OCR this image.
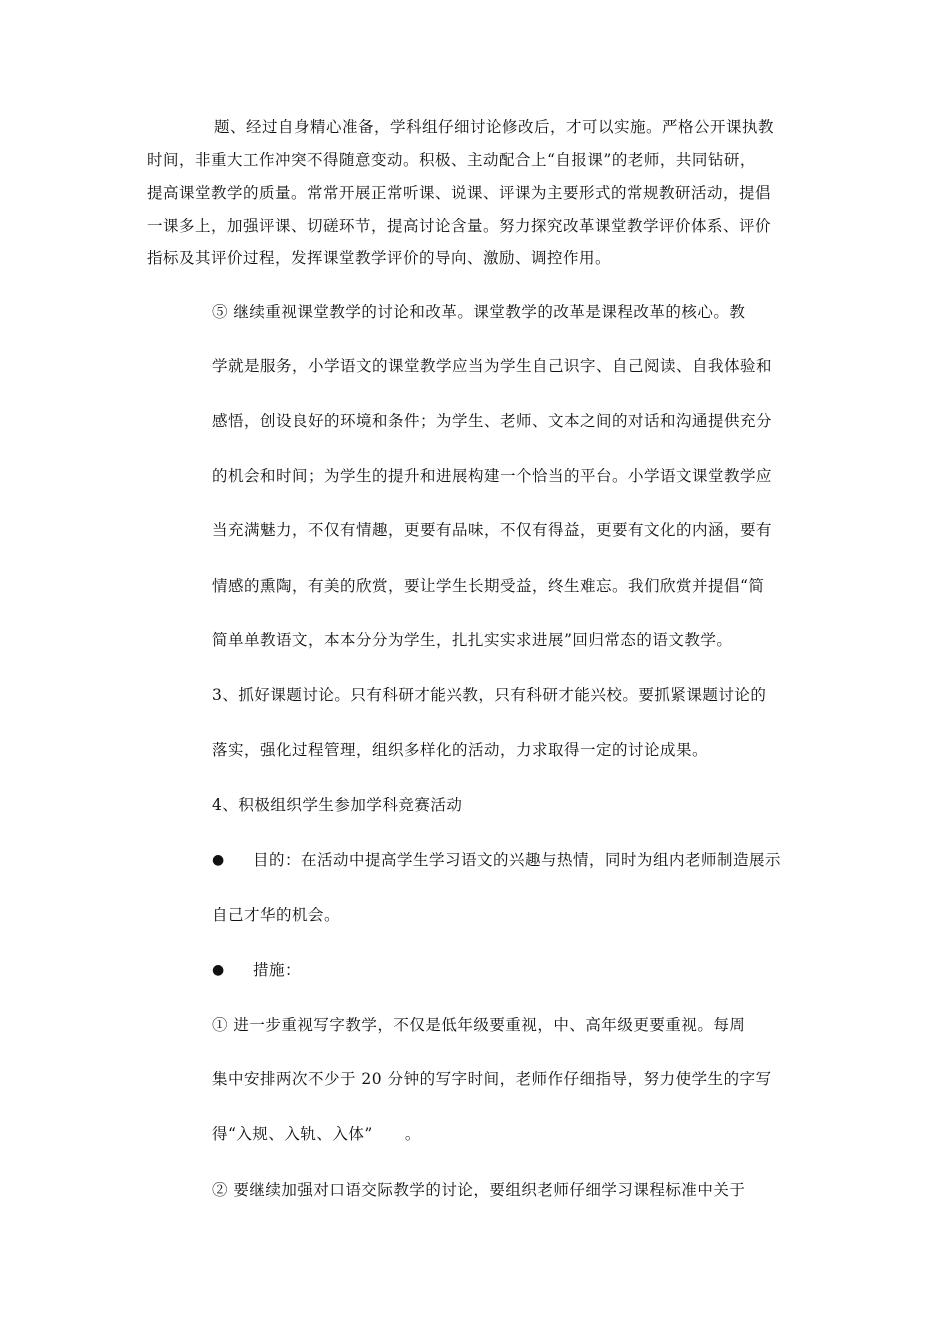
题、经过自身精心准备，学科组仔细讨论修改后，才可以实施。严格公开课执教
时间，非重大工作冲突不得随意变动。积极、主动配合上“自报课”的老师，共同钻研，
提高课堂教学的质量。常常开展正常听课、说课、评课为主要形式的常规教研活动，提倡
一课多上，加强评课、切磋环节，提高讨论含量。努力探究改革课堂教学评价体系、评价
指标及其评价过程，发挥课堂教学评价的导向、激励、调控作用。
⑤ 继续重视课堂教学的讨论和改革。课堂教学的改革是课程改革的核心。教
学就是服务，小学语文的课堂教学应当为学生自己识字、自己阅读、自我体验和
感悟，创设良好的环境和条件；为学生、老师、文本之间的对话和沟通提供充分
的机会和时间；为学生的提升和进展构建一个恰当的平台。小学语文课堂教学应
当充满魅力，不仅有情趣，更要有品味，不仅有得益，更要有文化的内涵，要有
情感的熏陶，有美的欣赏，要让学生长期受益，终生难忘。我们欣赏并提倡“简
简单单教语文，本本分分为学生，扎扎实实求进展”回归常态的语文教学。
3、抓好课题讨论。只有科研才能兴教，只有科研才能兴校。要抓紧课题讨论的
落实，强化过程管理，组织多样化的活动，力求取得一定的讨论成果。
4、积极组织学生参加学科竞赛活动
● 目的：在活动中提高学生学习语文的兴趣与热情，同时为组内老师制造展示
自己才华的机会。
● 措施：
① 进一步重视写字教学，不仅是低年级要重视，中、高年级更要重视。每周
集中安排两次不少于 20 分钟的写字时间，老师作仔细指导，努力使学生的字写
得“入规、入轨、入体”　　。
② 要继续加强对口语交际教学的讨论，要组织老师仔细学习课程标准中关于
